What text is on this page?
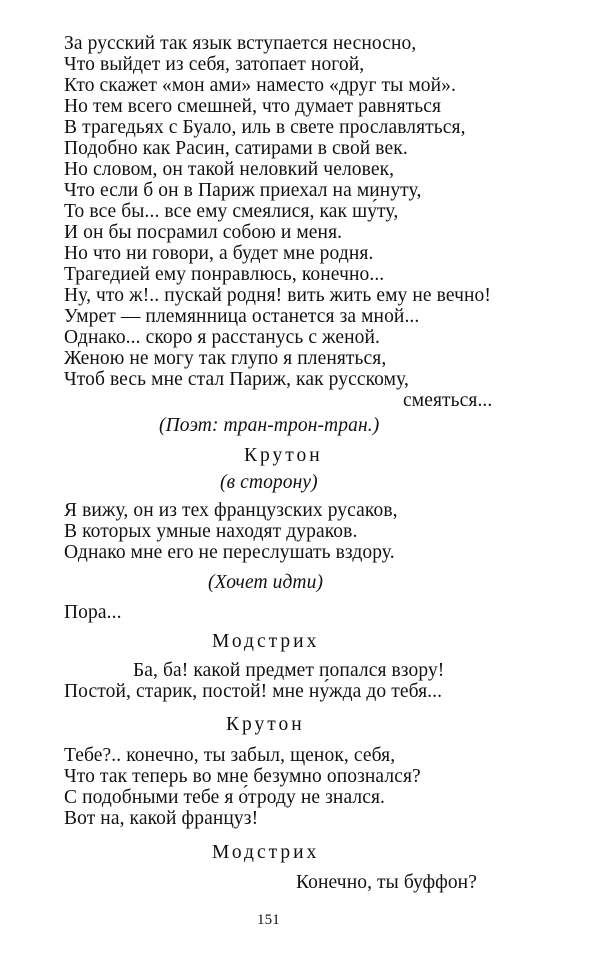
За русский так язык вступается несносно,
Что выйдет из себя, затопает ногой,
Кто скажет «мон ами» наместо «друг ты мой».
Но тем всего смешней, что думает равняться
В трагедьях с Буало, иль в свете прославляться,
Подобно как Расин, сатирами в свой век.
Но словом, он такой неловкий человек,
Что если б он в Париж приехал на минуту,
То все бы... все ему смеялися, как шу́ту,
И он бы посрамил собою и меня.
Но что ни говори, а будет мне родня.
Трагедией ему понравлюсь, конечно...
Ну, что ж!.. пускай родня! вить жить ему не вечно!
Умрет — племянница останется за мной...
Однако... скоро я расстанусь с женой.
Женою не могу так глупо я пленяться,
Чтоб весь мне стал Париж, как русскому,
смеяться...
(Поэт: тран-трон-тран.)
Крутон
(в сторону)
Я вижу, он из тех французских русаков,
В которых умные находят дураков.
Однако мне его не переслушать вздору.
(Хочет идти)
Пора...
Модстрих
Ба, ба! какой предмет попался взору!
Постой, старик, постой! мне ну́жда до тебя...
Крутон
Тебе?.. конечно, ты забыл, щенок, себя,
Что так теперь во мне безумно опознался?
С подобными тебе я о́троду не знался.
Вот на, какой француз!
Модстрих
Конечно, ты буффон?
151
